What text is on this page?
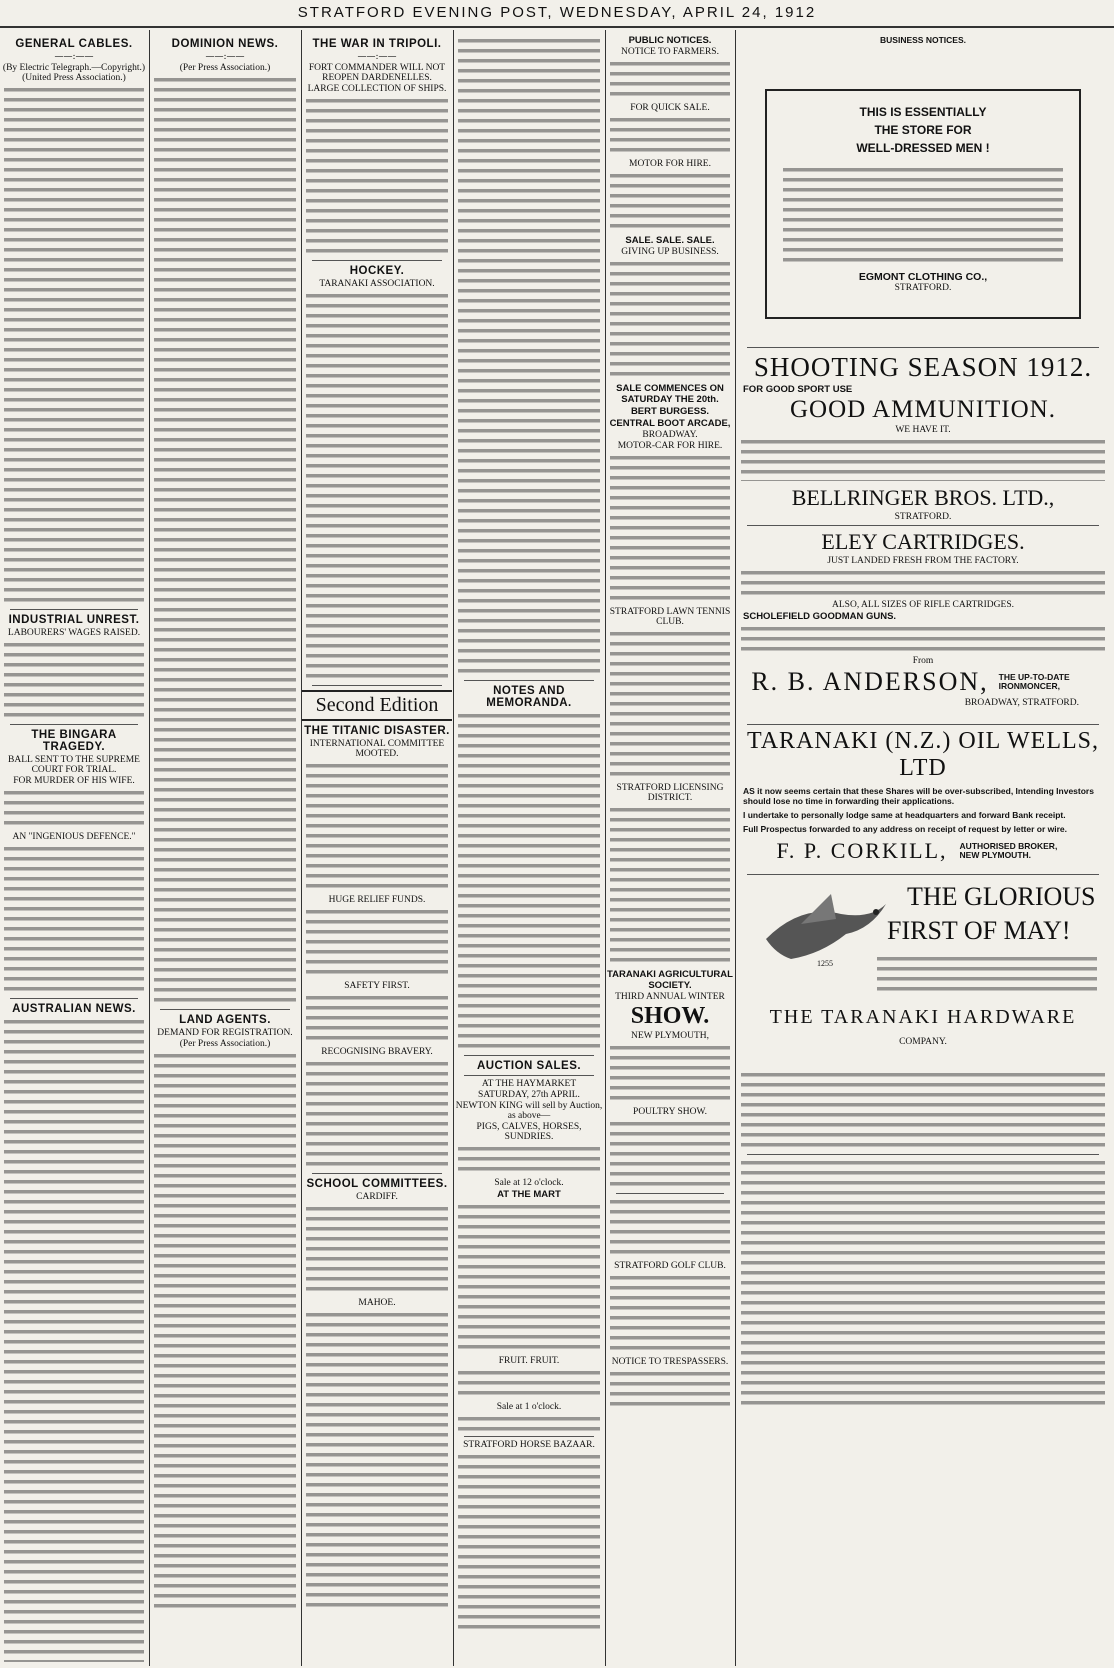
STRATFORD EVENING POST, WEDNESDAY, APRIL 24, 1912
GENERAL CABLES.
——:——
(By Electric Telegraph.—Copyright.) (United Press Association.)
INDUSTRIAL UNREST.
LABOURERS' WAGES RAISED.
THE BINGARA TRAGEDY.
BALL SENT TO THE SUPREME COURT FOR TRIAL.
FOR MURDER OF HIS WIFE.
AN "INGENIOUS DEFENCE."
AUSTRALIAN NEWS.
DOMINION NEWS.
——:——
(Per Press Association.)
LAND AGENTS.
DEMAND FOR REGISTRATION.
(Per Press Association.)
THE WAR IN TRIPOLI.
——:——
FORT COMMANDER WILL NOT REOPEN DARDENELLES.
LARGE COLLECTION OF SHIPS.
HOCKEY.
TARANAKI ASSOCIATION.
Second Edition
THE TITANIC DISASTER.
INTERNATIONAL COMMITTEE MOOTED.
HUGE RELIEF FUNDS.
SAFETY FIRST.
RECOGNISING BRAVERY.
SCHOOL COMMITTEES.
CARDIFF.
MAHOE.
NOTES AND MEMORANDA.
AUCTION SALES.
AT THE HAYMARKET
SATURDAY, 27th APRIL.
NEWTON KING will sell by Auction, as above—
PIGS, CALVES, HORSES, SUNDRIES.
Sale at 12 o'clock.
AT THE MART
FRUIT. FRUIT.
Sale at 1 o'clock.
STRATFORD HORSE BAZAAR.
PUBLIC NOTICES.
NOTICE TO FARMERS.
FOR QUICK SALE.
MOTOR FOR HIRE.
SALE. SALE. SALE.
GIVING UP BUSINESS.
SALE COMMENCES ON SATURDAY THE 20th.
BERT BURGESS.
CENTRAL BOOT ARCADE,
BROADWAY.
MOTOR-CAR FOR HIRE.
STRATFORD LAWN TENNIS CLUB.
STRATFORD LICENSING DISTRICT.
TARANAKI AGRICULTURAL SOCIETY.
THIRD ANNUAL WINTER
SHOW.
NEW PLYMOUTH,
POULTRY SHOW.
STRATFORD GOLF CLUB.
NOTICE TO TRESPASSERS.
BUSINESS NOTICES.
THIS IS ESSENTIALLY
THE STORE FOR
WELL-DRESSED MEN !
EGMONT CLOTHING CO.,
STRATFORD.
SHOOTING SEASON 1912.
FOR GOOD SPORT USE
GOOD AMMUNITION.
WE HAVE IT.
BELLRINGER BROS. LTD.,
STRATFORD.
ELEY CARTRIDGES.
JUST LANDED FRESH FROM THE FACTORY.
ALSO, ALL SIZES OF RIFLE CARTRIDGES.
SCHOLEFIELD GOODMAN GUNS.
From
R. B. ANDERSON, THE UP-TO-DATE IRONMONCER,
BROADWAY, STRATFORD.
TARANAKI (N.Z.) OIL WELLS, LTD
AS it now seems certain that these Shares will be over-subscribed, Intending Investors should lose no time in forwarding their applications.
I undertake to personally lodge same at headquarters and forward Bank receipt.
Full Prospectus forwarded to any address on receipt of request by letter or wire.
F. P. CORKILL, AUTHORISED BROKER, NEW PLYMOUTH.
1255
THE GLORIOUS
FIRST OF MAY!
THE TARANAKI HARDWARE
COMPANY.
